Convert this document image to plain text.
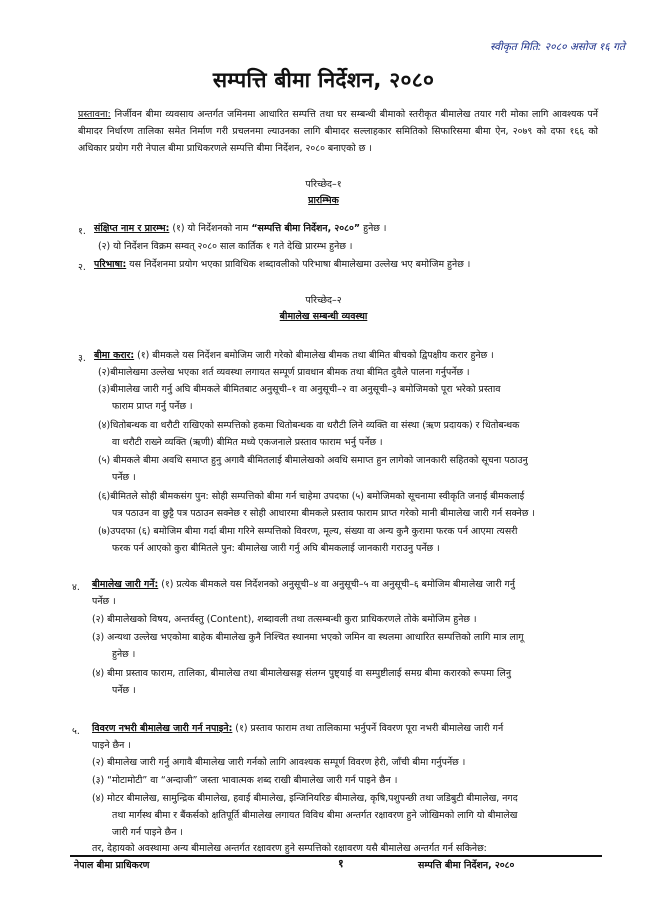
स्वीकृत मिति: २०८० असोज १६ गते
सम्पत्ति बीमा निर्देशन, २०८०
प्रस्तावना: निर्जीवन बीमा व्यवसाय अन्तर्गत जमिनमा आधारित सम्पत्ति तथा घर सम्बन्धी बीमाको स्तरीकृत बीमालेख तयार गरी मोका लागि आवश्यक पर्ने बीमादर निर्धारण तालिका समेत निर्माण गरी प्रचलनमा ल्याउनका लागि बीमादर सल्लाहकार समितिको सिफारिसमा बीमा ऐन, २०७९ को दफा १६६ को अधिकार प्रयोग गरी नेपाल बीमा प्राधिकरणले सम्पत्ति बीमा निर्देशन, २०८० बनाएको छ ।
परिच्छेद–१
प्रारम्भिक
१. संक्षिप्त नाम र प्रारम्भ: (१) यो निर्देशनको नाम “सम्पत्ति बीमा निर्देशन, २०८०” हुनेछ ।
(२) यो निर्देशन विक्रम सम्वत् २०८० साल कार्तिक १ गते देखि प्रारम्भ हुनेछ ।
२. परिभाषा: यस निर्देशनमा प्रयोग भएका प्राविधिक शब्दावलीको परिभाषा बीमालेखमा उल्लेख भए बमोजिम हुनेछ ।
परिच्छेद–२
बीमालेख सम्बन्धी व्यवस्था
३. बीमा करार: (१) बीमकले यस निर्देशन बमोजिम जारी गरेको बीमालेख बीमक तथा बीमित बीचको द्विपक्षीय करार हुनेछ ।
(२)बीमालेखमा उल्लेख भएका शर्त व्यवस्था लगायत सम्पूर्ण प्रावधान बीमक तथा बीमित दुवैले पालना गर्नुपर्नेछ ।
(३)बीमालेख जारी गर्नु अघि बीमकले बीमितबाट अनुसूची–१ वा अनुसूची–२ वा अनुसूची–३ बमोजिमको पूरा भरेको प्रस्ताव
फाराम प्राप्त गर्नु पर्नेछ ।
(४)धितोबन्धक वा धरौटी राखिएको सम्पत्तिको हकमा धितोबन्धक वा धरौटी लिने व्यक्ति वा संस्था (ऋण प्रदायक) र धितोबन्धक
वा धरौटी राख्ने व्यक्ति (ऋणी) बीमित मध्ये एकजनाले प्रस्ताव फाराम भर्नु पर्नेछ ।
(५) बीमकले बीमा अवधि समाप्त हुनु अगावै बीमितलाई बीमालेखको अवधि समाप्त हुन लागेको जानकारी सहितको सूचना पठाउनु
पर्नेछ ।
(६)बीमितले सोही बीमकसंग पुन: सोही सम्पत्तिको बीमा गर्न चाहेमा उपदफा (५) बमोजिमको सूचनामा स्वीकृति जनाई बीमकलाई
पत्र पठाउन वा छुट्टै पत्र पठाउन सक्नेछ र सोही आधारमा बीमकले प्रस्ताव फाराम प्राप्त गरेको मानी बीमालेख जारी गर्न सक्नेछ ।
(७)उपदफा (६) बमोजिम बीमा गर्दा बीमा गरिने सम्पत्तिको विवरण, मूल्य, संख्या वा अन्य कुनै कुरामा फरक पर्न आएमा त्यसरी
फरक पर्न आएको कुरा बीमितले पुन: बीमालेख जारी गर्नु अघि बीमकलाई जानकारी गराउनु पर्नेछ ।
४. बीमालेख जारी गर्ने: (१) प्रत्येक बीमकले यस निर्देशनको अनुसूची–४ वा अनुसूची–५ वा अनुसूची–६ बमोजिम बीमालेख जारी गर्नु
पर्नेछ ।
(२) बीमालेखको विषय, अन्तर्वस्तु (Content), शब्दावली तथा तत्सम्बन्धी कुरा प्राधिकरणले तोके बमोजिम हुनेछ ।
(३) अन्यथा उल्लेख भएकोमा बाहेक बीमालेख कुनै निश्चित स्थानमा भएको जमिन वा स्थलमा आधारित सम्पत्तिको लागि मात्र लागू
हुनेछ ।
(४) बीमा प्रस्ताव फाराम, तालिका, बीमालेख तथा बीमालेखसङ्ग संलग्न पुष्ट्याई वा सम्पुष्टीलाई समग्र बीमा करारको रूपमा लिनु
पर्नेछ ।
५. विवरण नभरी बीमालेख जारी गर्न नपाइने: (१) प्रस्ताव फाराम तथा तालिकामा भर्नुपर्ने विवरण पूरा नभरी बीमालेख जारी गर्न
पाइने छैन ।
(२) बीमालेख जारी गर्नु अगावै बीमालेख जारी गर्नको लागि आवश्यक सम्पूर्ण विवरण हेरी, जाँची बीमा गर्नुपर्नेछ ।
(३) “मोटामोटी” वा “अन्दाजी” जस्ता भावात्मक शब्द राखी बीमालेख जारी गर्न पाइने छैन ।
(४) मोटर बीमालेख, सामुन्द्रिक बीमालेख, हवाई बीमालेख, इन्जिनियरिङ बीमालेख, कृषि,पशुपन्छी तथा जडिबुटी बीमालेख, नगद
तथा मार्गस्थ बीमा र बैंकर्सको क्षतिपूर्ति बीमालेख लगायत विविध बीमा अन्तर्गत रक्षावरण हुने जोखिमको लागि यो बीमालेख
जारी गर्न पाइने छैन ।
तर, देहायको अवस्थामा अन्य बीमालेख अन्तर्गत रक्षावरण हुने सम्पत्तिको रक्षावरण यसै बीमालेख अन्तर्गत गर्न सकिनेछ:
नेपाल बीमा प्राधिकरण	१	सम्पत्ति बीमा निर्देशन, २०८०
